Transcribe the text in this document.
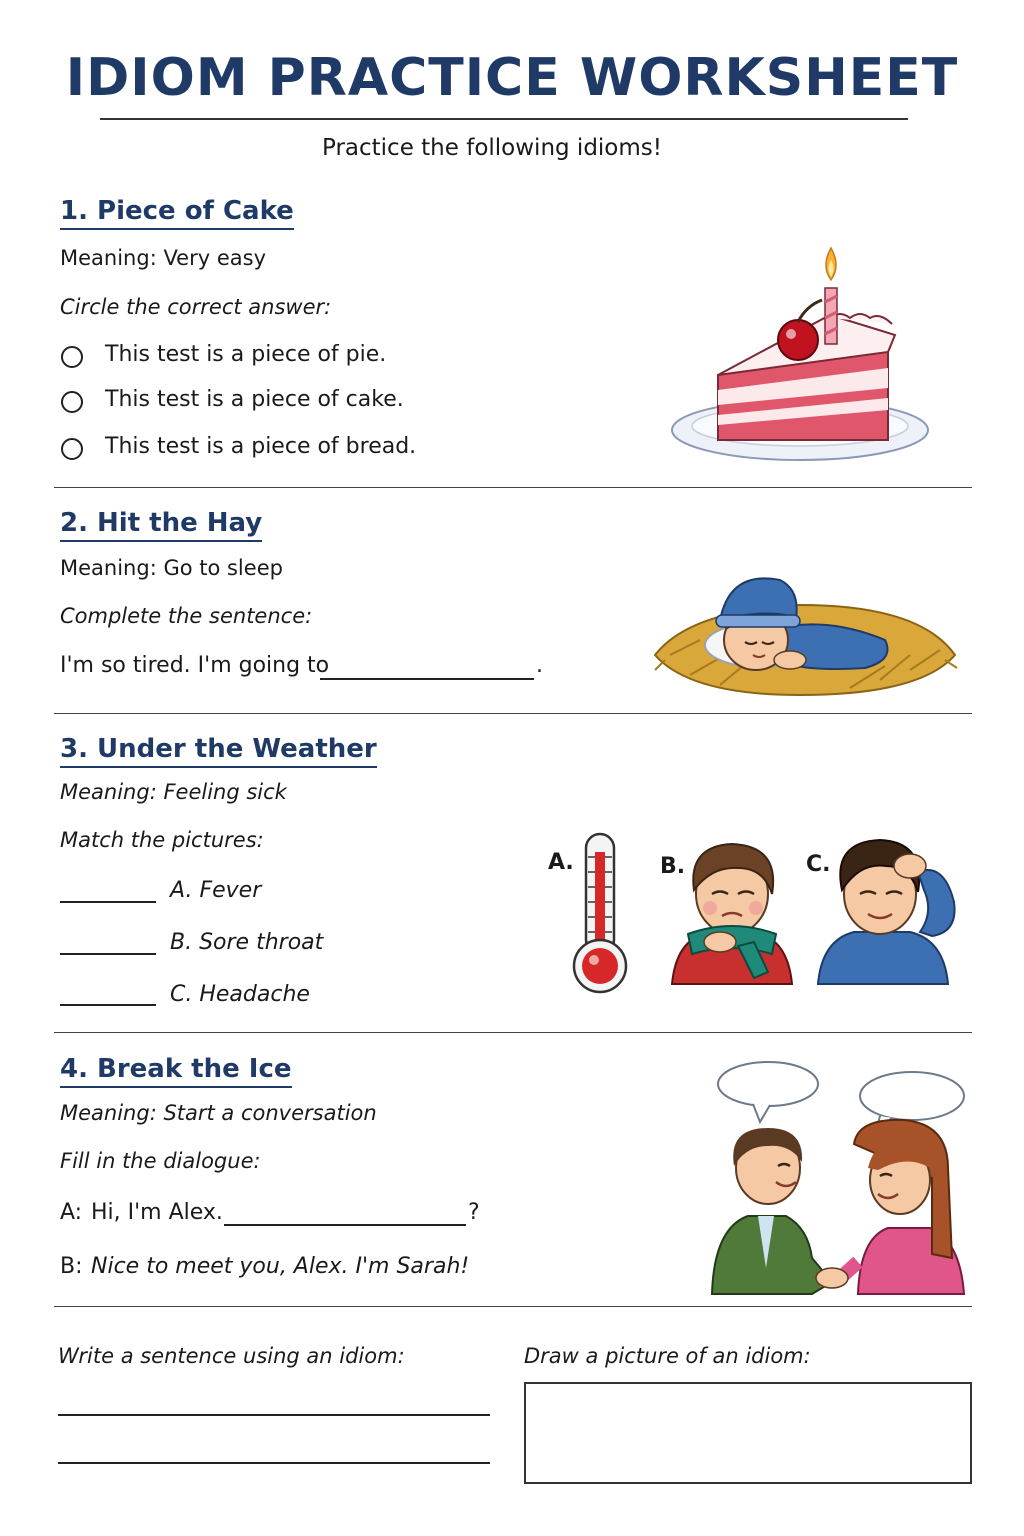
IDIOM PRACTICE WORKSHEET
Practice the following idioms!
1. Piece of Cake
Meaning: Very easy
Circle the correct answer:
This test is a piece of pie.
This test is a piece of cake.
This test is a piece of bread.
2. Hit the Hay
Meaning: Go to sleep
Complete the sentence:
I'm so tired. I'm going to	.
3. Under the Weather
Meaning: Feeling sick
Match the pictures:
A. Fever
B. Sore throat
C. Headache
A.	B.	C.
4. Break the Ice
Meaning: Start a conversation
Fill in the dialogue:
A: Hi, I'm Alex.	?
B: Nice to meet you, Alex. I'm Sarah!
Write a sentence using an idiom:	Draw a picture of an idiom:
